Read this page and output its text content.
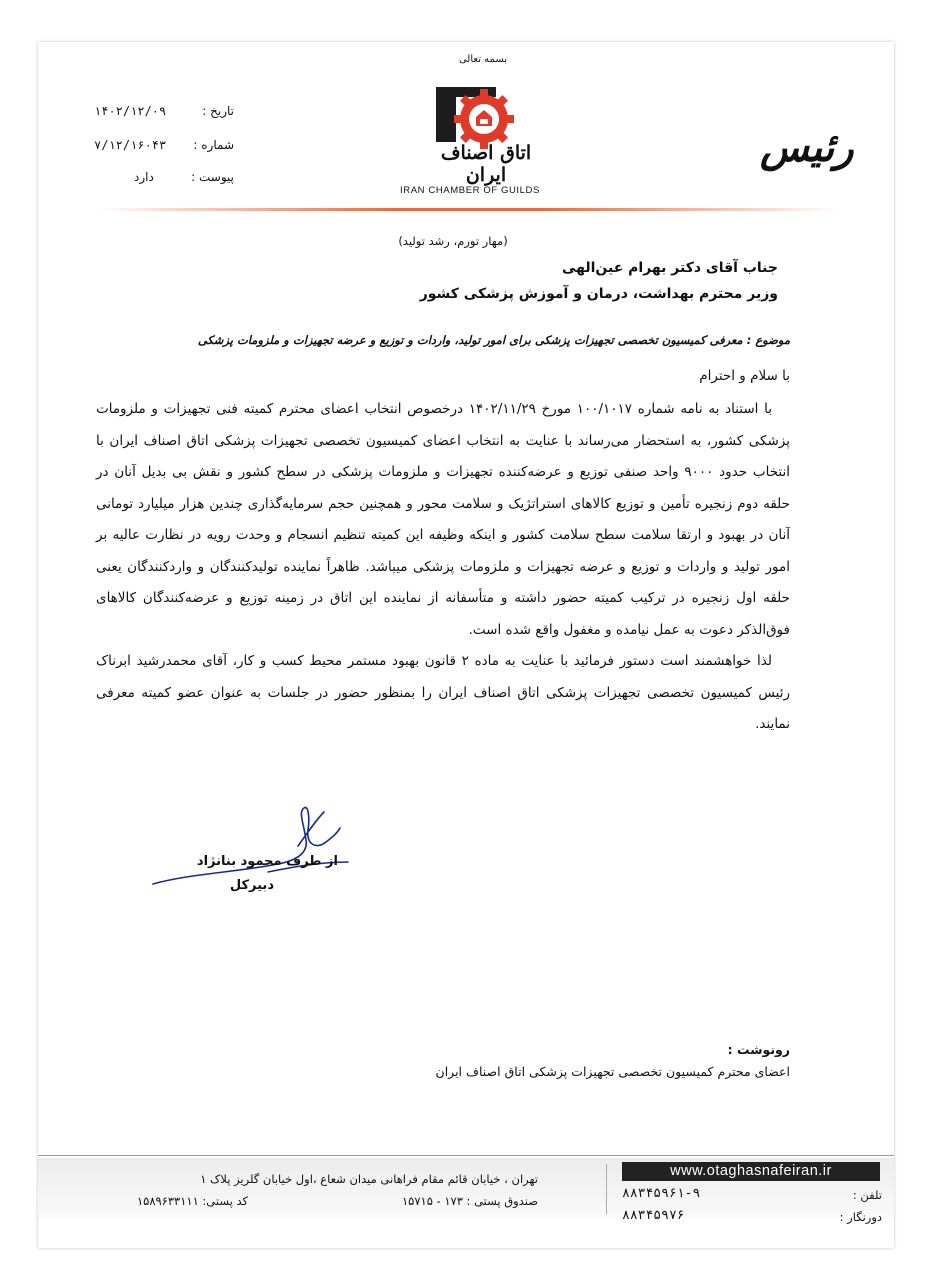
بسمه تعالی
اتاق اصناف ایران
IRAN CHAMBER OF GUILDS
رئیس
تاریخ :
۱۴۰۲/۱۲/۰۹
شماره :
۷/۱۲/۱۶۰۴۳
پیوست :
دارد
(مهار تورم، رشد تولید)
جناب آقای دکتر بهرام عین‌الهی
وزیر محترم بهداشت، درمان و آموزش پزشکی کشور
موضوع : معرفی کمیسیون تخصصی تجهیزات پزشکی برای امور تولید، واردات و توزیع و عرضه تجهیزات و ملزومات پزشکی
با سلام و احترام

با استناد به نامه شماره ۱۰۰/۱۰۱۷ مورخ ۱۴۰۲/۱۱/۲۹ درخصوص انتخاب اعضای محترم کمیته فنی تجهیزات و ملزومات پزشکی کشور، به استحضار می‌رساند با عنایت به انتخاب اعضای کمیسیون تخصصی تجهیزات پزشکی اتاق اصناف ایران با انتخاب حدود ۹۰۰۰ واحد صنفی توزیع و عرضه‌کننده تجهیزات و ملزومات پزشکی در سطح کشور و نقش بی بدیل آنان در حلقه دوم زنجیره تأمین و توزیع کالاهای استراتژیک و سلامت محور و همچنین حجم سرمایه‌گذاری چندین هزار میلیارد تومانی آنان در بهبود و ارتقا سلامت سطح سلامت کشور و اینکه وظیفه این کمیته تنظیم انسجام و وحدت رویه در نظارت عالیه بر امور تولید و واردات و توزیع و عرضه تجهیزات و ملزومات پزشکی میباشد. ظاهراً نماینده تولیدکنندگان و واردکنندگان یعنی حلقه اول زنجیره در ترکیب کمیته حضور داشته و متأسفانه از نماینده این اتاق در زمینه توزیع و عرضه‌کنندگان کالاهای فوق‌الذکر دعوت به عمل نیامده و مغفول واقع شده است.

لذا خواهشمند است دستور فرمائید با عنایت به ماده ۲ قانون بهبود مستمر محیط کسب و کار، آقای محمدرشید ابرناک رئیس کمیسیون تخصصی تجهیزات پزشکی اتاق اصناف ایران را بمنظور حضور در جلسات به عنوان عضو کمیته معرفی نمایند.

از طرف محمود بنانژاد
دبیرکل
رونوشت :
اعضای محترم کمیسیون تخصصی تجهیزات پزشکی اتاق اصناف ایران
www.otaghasnafeiran.ir
تلفن :
۸۸۳۴۵۹۶۱-۹
دورنگار :
۸۸۳۴۵۹۷۶
تهران ، خیابان قائم مقام فراهانی میدان شعاع ،اول خیابان گلریز پلاک ۱
صندوق پستی : ۱۷۳ - ۱۵۷۱۵
کد پستی: ۱۵۸۹۶۳۳۱۱۱
